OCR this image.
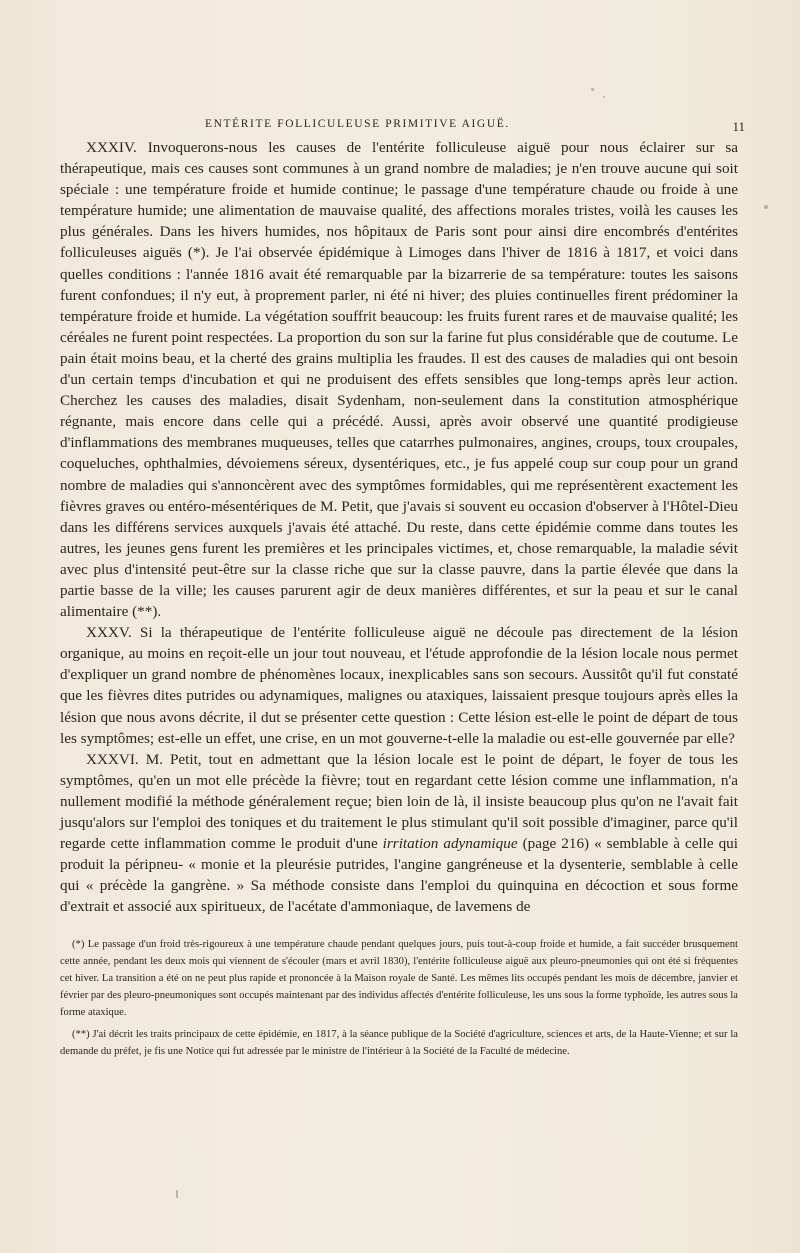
ENTÉRITE FOLLICULEUSE PRIMITIVE AIGUË.	11

XXXIV. Invoquerons-nous les causes de l'entérite folliculeuse aiguë pour nous éclairer sur sa thérapeutique, mais ces causes sont communes à un grand nombre de maladies; je n'en trouve aucune qui soit spéciale : une température froide et humide continue; le passage d'une température chaude ou froide à une température humide; une alimentation de mauvaise qualité, des affections morales tristes, voilà les causes les plus générales. Dans les hivers humides, nos hôpitaux de Paris sont pour ainsi dire encombrés d'entérites folliculeuses aiguës (*). Je l'ai observée épidémique à Limoges dans l'hiver de 1816 à 1817, et voici dans quelles conditions : l'année 1816 avait été remarquable par la bizarrerie de sa température: toutes les saisons furent confondues; il n'y eut, à proprement parler, ni été ni hiver; des pluies continuelles firent prédominer la température froide et humide. La végétation souffrit beaucoup: les fruits furent rares et de mauvaise qualité; les céréales ne furent point respectées. La proportion du son sur la farine fut plus considérable que de coutume. Le pain était moins beau, et la cherté des grains multiplia les fraudes. Il est des causes de maladies qui ont besoin d'un certain temps d'incubation et qui ne produisent des effets sensibles que long-temps après leur action. Cherchez les causes des maladies, disait Sydenham, non-seulement dans la constitution atmosphérique régnante, mais encore dans celle qui a précédé. Aussi, après avoir observé une quantité prodigieuse d'inflammations des membranes muqueuses, telles que catarrhes pulmonaires, angines, croups, toux croupales, coqueluches, ophthalmies, dévoiemens séreux, dysentériques, etc., je fus appelé coup sur coup pour un grand nombre de maladies qui s'annoncèrent avec des symptômes formidables, qui me représentèrent exactement les fièvres graves ou entéro-mésentériques de M. Petit, que j'avais si souvent eu occasion d'observer à l'Hôtel-Dieu dans les différens services auxquels j'avais été attaché. Du reste, dans cette épidémie comme dans toutes les autres, les jeunes gens furent les premières et les principales victimes, et, chose remarquable, la maladie sévit avec plus d'intensité peut-être sur la classe riche que sur la classe pauvre, dans la partie élevée que dans la partie basse de la ville; les causes parurent agir de deux manières différentes, et sur la peau et sur le canal alimentaire (**).

XXXV. Si la thérapeutique de l'entérite folliculeuse aiguë ne découle pas directement de la lésion organique, au moins en reçoit-elle un jour tout nouveau, et l'étude approfondie de la lésion locale nous permet d'expliquer un grand nombre de phénomènes locaux, inexplicables sans son secours. Aussitôt qu'il fut constaté que les fièvres dites putrides ou adynamiques, malignes ou ataxiques, laissaient presque toujours après elles la lésion que nous avons décrite, il dut se présenter cette question : Cette lésion est-elle le point de départ de tous les symptômes; est-elle un effet, une crise, en un mot gouverne-t-elle la maladie ou est-elle gouvernée par elle?

XXXVI. M. Petit, tout en admettant que la lésion locale est le point de départ, le foyer de tous les symptômes, qu'en un mot elle précède la fièvre; tout en regardant cette lésion comme une inflammation, n'a nullement modifié la méthode généralement reçue; bien loin de là, il insiste beaucoup plus qu'on ne l'avait fait jusqu'alors sur l'emploi des toniques et du traitement le plus stimulant qu'il soit possible d'imaginer, parce qu'il regarde cette inflammation comme le produit d'une irritation adynamique (page 216) « semblable à celle qui produit la péripneu- « monie et la pleurésie putrides, l'angine gangréneuse et la dysenterie, semblable à celle qui « précède la gangrène. » Sa méthode consiste dans l'emploi du quinquina en décoction et sous forme d'extrait et associé aux spiritueux, de l'acétate d'ammoniaque, de lavemens de

(*) Le passage d'un froid très-rigoureux à une température chaude pendant quelques jours, puis tout-à-coup froide et humide, a fait succéder brusquement cette année, pendant les deux mois qui viennent de s'écouler (mars et avril 1830), l'entérite folliculeuse aiguë aux pleuro-pneumonies qui ont été si fréquentes cet hiver. La transition a été on ne peut plus rapide et prononcée à la Maison royale de Santé. Les mêmes lits occupés pendant les mois de décembre, janvier et février par des pleuro-pneumoniques sont occupés maintenant par des individus affectés d'entérite folliculeuse, les uns sous la forme typhoïde, les autres sous la forme ataxique.

(**) J'ai décrit les traits principaux de cette épidémie, en 1817, à la séance publique de la Société d'agriculture, sciences et arts, de la Haute-Vienne; et sur la demande du préfet, je fis une Notice qui fut adressée par le ministre de l'intérieur à la Société de la Faculté de médecine.
